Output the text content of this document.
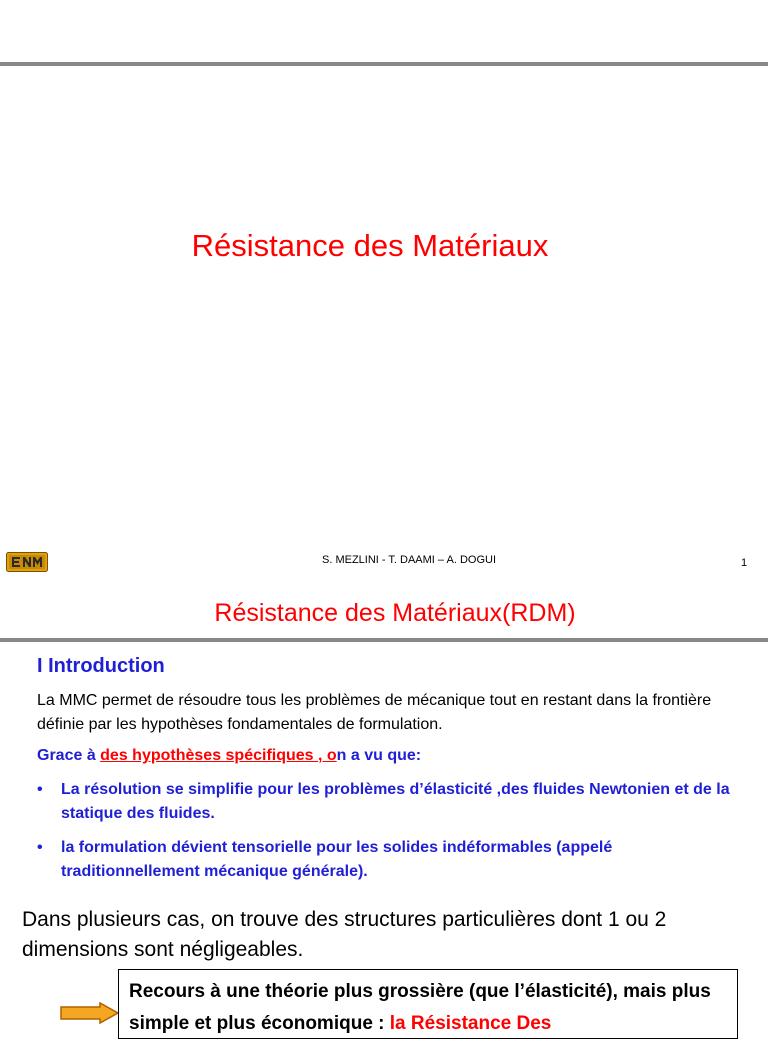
Résistance des Matériaux
S. MEZLINI - T. DAAMI – A. DOGUI	1
Résistance des Matériaux(RDM)
I Introduction
La MMC permet de résoudre tous les problèmes de mécanique tout en restant dans la frontière définie par les hypothèses fondamentales de formulation.
Grace à des hypothèses spécifiques , on a vu que:
•	La résolution se simplifie pour les problèmes d’élasticité ,des fluides Newtonien et de la statique des fluides.
•	la formulation dévient tensorielle pour les solides indéformables (appelé traditionnellement mécanique générale).
Dans plusieurs cas, on trouve des structures particulières dont 1 ou 2 dimensions sont négligeables.
Recours à une théorie plus grossière (que l’élasticité), mais plus simple et plus économique : la Résistance Des
